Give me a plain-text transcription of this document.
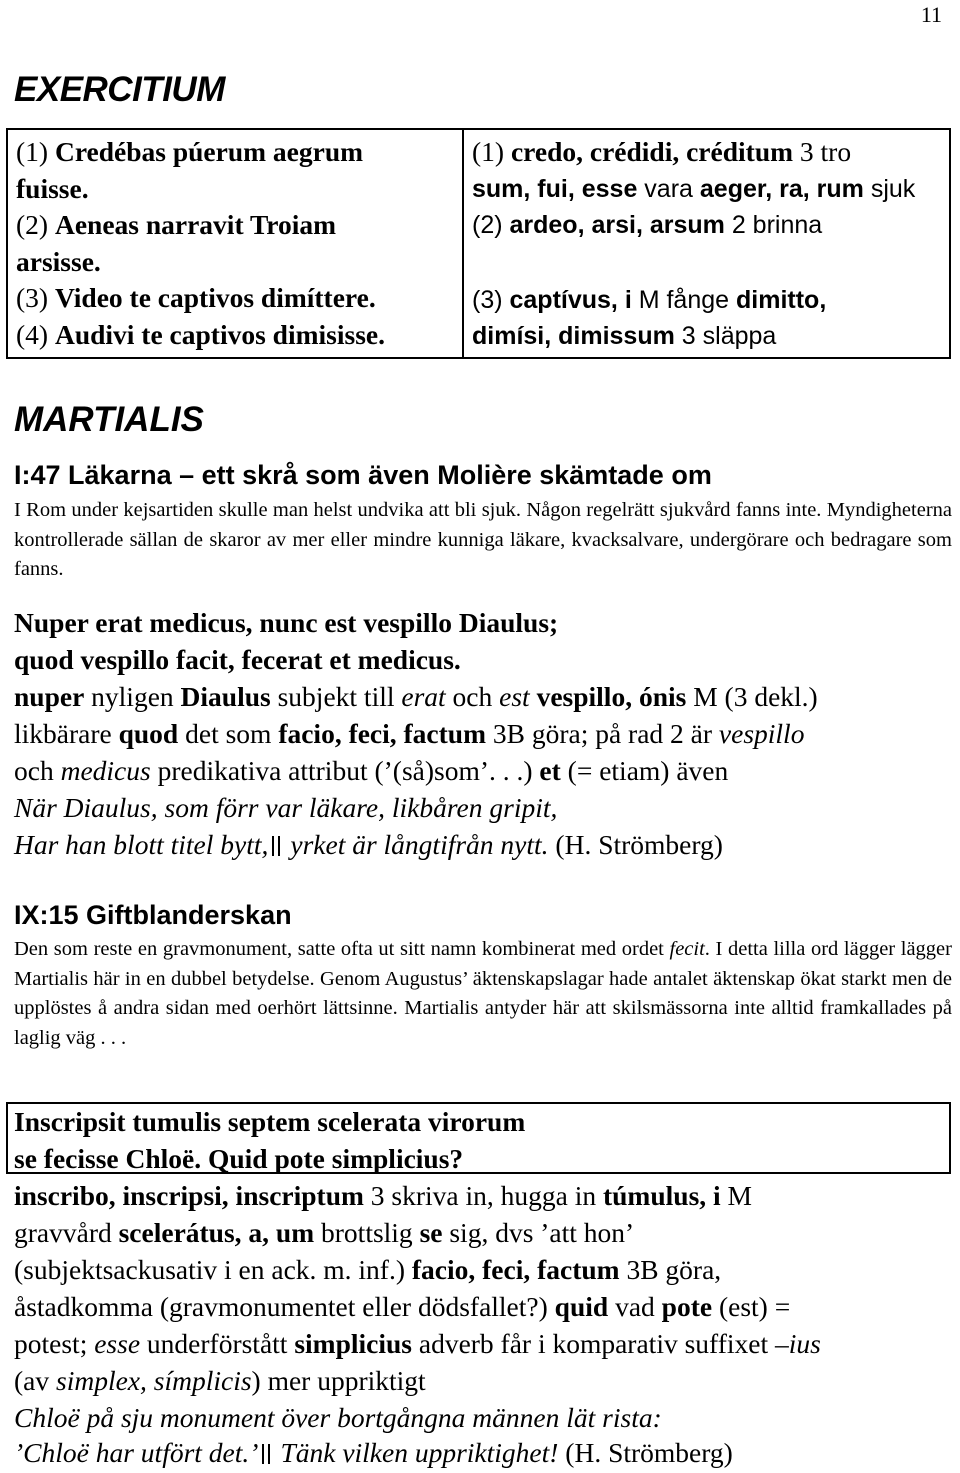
11
EXERCITIUM
(1) Credébas púerum aegrum
fuisse.
(2) Aeneas narravit Troiam
arsisse.
(3) Video te captivos dimíttere.
(4) Audivi te captivos dimisisse.

(1) credo, crédidi, créditum 3 tro
sum, fui, esse vara aeger, ra, rum sjuk
(2) ardeo, arsi, arsum 2 brinna
(3) captívus, i M fånge dimitto,
dimísi, dimissum 3 släppa
MARTIALIS
I:47 Läkarna – ett skrå som även Molière skämtade om
I Rom under kejsartiden skulle man helst undvika att bli sjuk. Någon regelrätt sjukvård fanns inte. Myndigheterna kontrollerade sällan de skaror av mer eller mindre kunniga läkare, kvacksalvare, undergörare och bedragare som fanns.
Nuper erat medicus, nunc est vespillo Diaulus;
quod vespillo facit, fecerat et medicus.
nuper nyligen Diaulus subjekt till erat och est vespillo, ónis M (3 dekl.)
likbärare quod det som facio, feci, factum 3B göra; på rad 2 är vespillo
och medicus predikativa attribut (’(så)som’. . .) et (= etiam) även
När Diaulus, som förr var läkare, likbåren gripit,
Har han blott titel bytt, yrket är långtifrån nytt. (H. Strömberg)
IX:15 Giftblanderskan
Den som reste en gravmonument, satte ofta ut sitt namn kombinerat med ordet fecit. I detta lilla ord lägger lägger Martialis här in en dubbel betydelse. Genom Augustus’ äktenskapslagar hade antalet äktenskap ökat starkt men de upplöstes å andra sidan med oerhört lättsinne. Martialis antyder här att skilsmässorna inte alltid framkallades på laglig väg . . .
Inscripsit tumulis septem scelerata virorum
se fecisse Chloë. Quid pote simplicius?
inscribo, inscripsi, inscriptum 3 skriva in, hugga in túmulus, i M
gravvård scelerátus, a, um brottslig se sig, dvs ’att hon’
(subjektsackusativ i en ack. m. inf.) facio, feci, factum 3B göra,
åstadkomma (gravmonumentet eller dödsfallet?) quid vad pote (est) =
potest; esse underförstått simplicius adverb får i komparativ suffixet –ius
(av simplex, símplicis) mer uppriktigt
Chloë på sju monument över bortgångna männen lät rista:
’Chloë har utfört det.’ Tänk vilken uppriktighet! (H. Strömberg)
